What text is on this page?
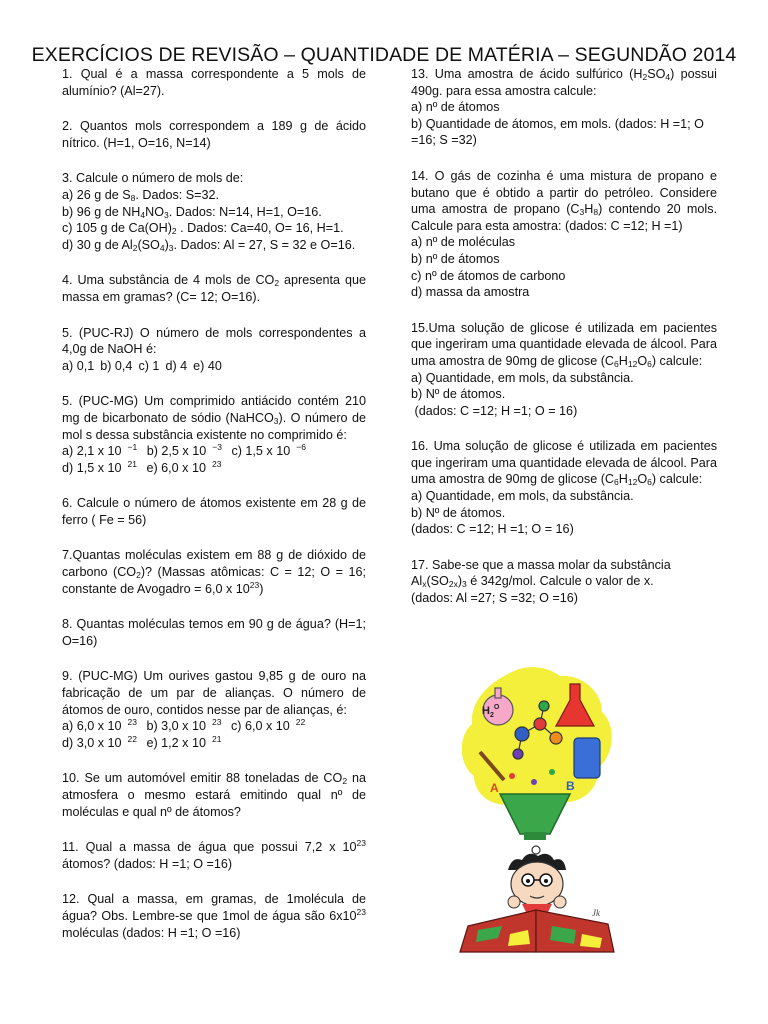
EXERCÍCIOS DE REVISÃO – QUANTIDADE DE MATÉRIA – SEGUNDÃO 2014

1. Qual é a massa correspondente a 5 mols de alumínio? (Al=27).

2. Quantos mols correspondem a 189 g de ácido nítrico. (H=1, O=16, N=14)

3. Calcule o número de mols de:

a) 26 g de $S_8$. Dados: S=32.

b) 96 g de $NH_4NO_3$. Dados: N=14, H=1, O=16.

c) 105 g de $Ca(OH)_2$ . Dados: Ca=40, O= 16, H=1.

d) 30 g de $Al_2(SO_4)_3$. Dados: Al = 27, S = 32 e O=16.

4. Uma substância de 4 mols de $CO_2$ apresenta que massa em gramas? (C= 12; O=16).

5. (PUC-RJ) O número de mols correspondentes a 4,0g de NaOH é:

a) 0,1 b) 0,4 c) 1 d) 4 e) 40

5. (PUC-MG) Um comprimido antiácido contém 210 mg de bicarbonato de sódio (NaHCO$_3$). O número de mol s dessa substância existente no comprimido é:

a) 2,1 x 10 $^{-1}$ b) 2,5 x 10 $^{-3}$ c) 1,5 x 10 $^{-6}$

d) 1,5 x 10 $^{21}$ e) 6,0 x 10 $^{23}$

6. Calcule o número de átomos existente em 28 g de ferro ( Fe = 56)

7.Quantas moléculas existem em 88 g de dióxido de carbono $(CO_2)$? (Massas atômicas: C = 12; O = 16; constante de Avogadro = 6,0 x $10^{23}$)

8. Quantas moléculas temos em 90 g de água? (H=1; O=16)

9. (PUC-MG) Um ourives gastou 9,85 g de ouro na fabricação de um par de alianças. O número de átomos de ouro, contidos nesse par de alianças, é:

a) 6,0 x 10 $^{23}$ b) 3,0 x 10 $^{23}$ c) 6,0 x 10 $^{22}$

d) 3,0 x 10 $^{22}$ e) 1,2 x 10 $^{21}$

10. Se um automóvel emitir 88 toneladas de $CO_2$ na atmosfera o mesmo estará emitindo qual nº de moléculas e qual nº de átomos?

11. Qual a massa de água que possui 7,2 x $10^{23}$ átomos? (dados: H =1; O =16)

12. Qual a massa, em gramas, de 1molécula de água? Obs. Lembre-se que 1mol de água são $6x10^{23}$ moléculas (dados: H =1; O =16)

13. Uma amostra de ácido sulfúrico $(H_2SO_4)$ possui 490g. para essa amostra calcule:

a) nº de átomos

b) Quantidade de átomos, em mols. (dados: H =1; O =16; S =32)

14. O gás de cozinha é uma mistura de propano e butano que é obtido a partir do petróleo. Considere uma amostra de propano $(C_3H_8)$ contendo 20 mols. Calcule para esta amostra: (dados: C =12; H =1)

a) nº de moléculas

b) nº de átomos

c) nº de átomos de carbono

d) massa da amostra

15.Uma solução de glicose é utilizada em pacientes que ingeriram uma quantidade elevada de álcool. Para uma amostra de 90mg de glicose $(C_6H_{12}O_6)$ calcule:

a) Quantidade, em mols, da substância.

b) Nº de átomos.

(dados: C =12; H =1; O = 16)

16. Uma solução de glicose é utilizada em pacientes que ingeriram uma quantidade elevada de álcool. Para uma amostra de 90mg de glicose $(C_6H_{12}O_6)$ calcule:

a) Quantidade, em mols, da substância.

b) Nº de átomos.

(dados: C =12; H =1; O = 16)

17. Sabe-se que a massa molar da substância $Al_x(SO_{2x})_3$ é 342g/mol. Calcule o valor de x.

(dados: Al =27; S =32; O =16)

$H_2^O$
A	B
Jk
